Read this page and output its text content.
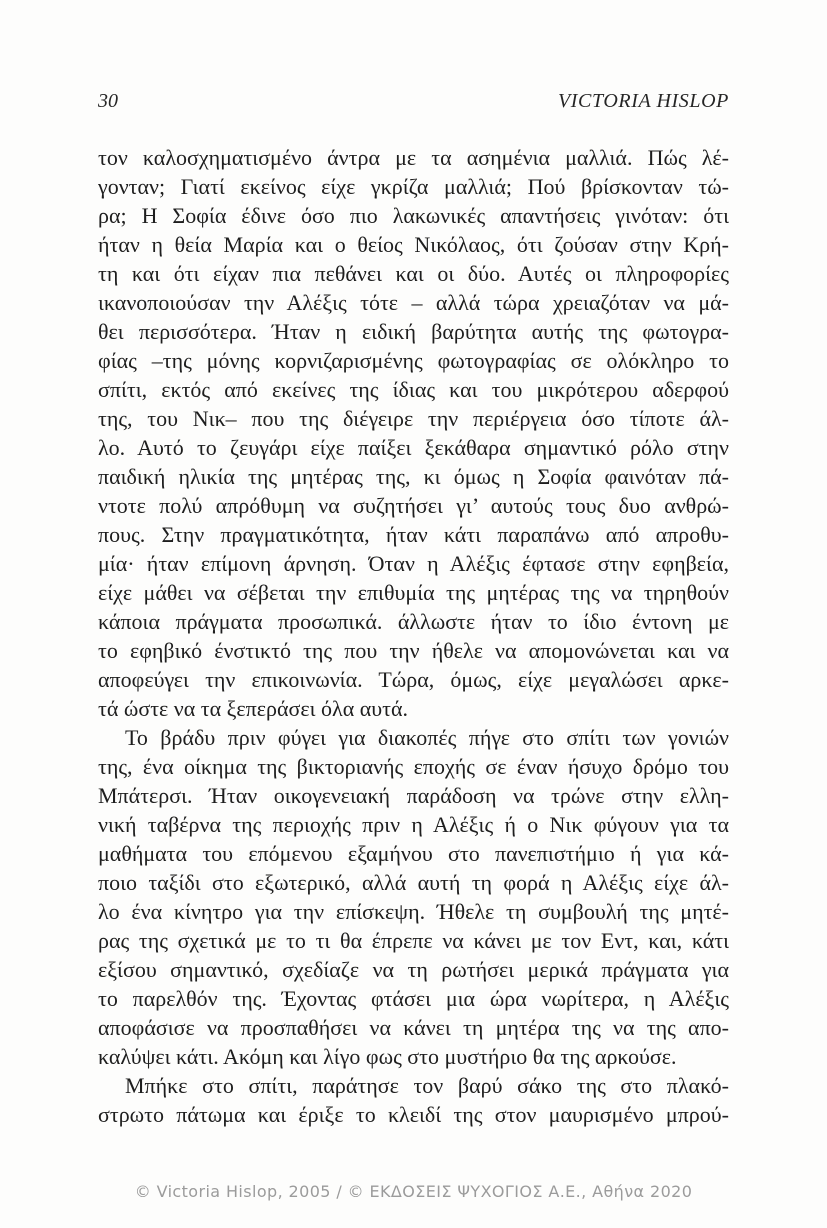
30	VICTORIA HISLOP
τον καλοσχηματισμένο άντρα με τα ασημένια μαλλιά. Πώς λέ-
γονταν; Γιατί εκείνος είχε γκρίζα μαλλιά; Πού βρίσκονταν τώ-
ρα; Η Σοφία έδινε όσο πιο λακωνικές απαντήσεις γινόταν: ότι
ήταν η θεία Μαρία και ο θείος Νικόλαος, ότι ζούσαν στην Κρή-
τη και ότι είχαν πια πεθάνει και οι δύο. Αυτές οι πληροφορίες
ικανοποιούσαν την Αλέξις τότε – αλλά τώρα χρειαζόταν να μά-
θει περισσότερα. Ήταν η ειδική βαρύτητα αυτής της φωτογρα-
φίας –της μόνης κορνιζαρισμένης φωτογραφίας σε ολόκληρο το
σπίτι, εκτός από εκείνες της ίδιας και του μικρότερου αδερφού
της, του Νικ– που της διέγειρε την περιέργεια όσο τίποτε άλ-
λο. Αυτό το ζευγάρι είχε παίξει ξεκάθαρα σημαντικό ρόλο στην
παιδική ηλικία της μητέρας της, κι όμως η Σοφία φαινόταν πά-
ντοτε πολύ απρόθυμη να συζητήσει γι’ αυτούς τους δυο ανθρώ-
πους. Στην πραγματικότητα, ήταν κάτι παραπάνω από απροθυ-
μία· ήταν επίμονη άρνηση. Όταν η Αλέξις έφτασε στην εφηβεία,
είχε μάθει να σέβεται την επιθυμία της μητέρας της να τηρηθούν
κάποια πράγματα προσωπικά. άλλωστε ήταν το ίδιο έντονη με
το εφηβικό ένστικτό της που την ήθελε να απομονώνεται και να
αποφεύγει την επικοινωνία. Τώρα, όμως, είχε μεγαλώσει αρκε-
τά ώστε να τα ξεπεράσει όλα αυτά.
Το βράδυ πριν φύγει για διακοπές πήγε στο σπίτι των γονιών
της, ένα οίκημα της βικτοριανής εποχής σε έναν ήσυχο δρόμο του
Μπάτερσι. Ήταν οικογενειακή παράδοση να τρώνε στην ελλη-
νική ταβέρνα της περιοχής πριν η Αλέξις ή ο Νικ φύγουν για τα
μαθήματα του επόμενου εξαμήνου στο πανεπιστήμιο ή για κά-
ποιο ταξίδι στο εξωτερικό, αλλά αυτή τη φορά η Αλέξις είχε άλ-
λο ένα κίνητρο για την επίσκεψη. Ήθελε τη συμβουλή της μητέ-
ρας της σχετικά με το τι θα έπρεπε να κάνει με τον Εντ, και, κάτι
εξίσου σημαντικό, σχεδίαζε να τη ρωτήσει μερικά πράγματα για
το παρελθόν της. Έχοντας φτάσει μια ώρα νωρίτερα, η Αλέξις
αποφάσισε να προσπαθήσει να κάνει τη μητέρα της να της απο-
καλύψει κάτι. Ακόμη και λίγο φως στο μυστήριο θα της αρκούσε.
Μπήκε στο σπίτι, παράτησε τον βαρύ σάκο της στο πλακό-
στρωτο πάτωμα και έριξε το κλειδί της στον μαυρισμένο μπρού-
© Victoria Hislop, 2005 / © ΕΚΔΟΣΕΙΣ ΨΥΧΟΓΙΟΣ Α.Ε., Αθήνα 2020
